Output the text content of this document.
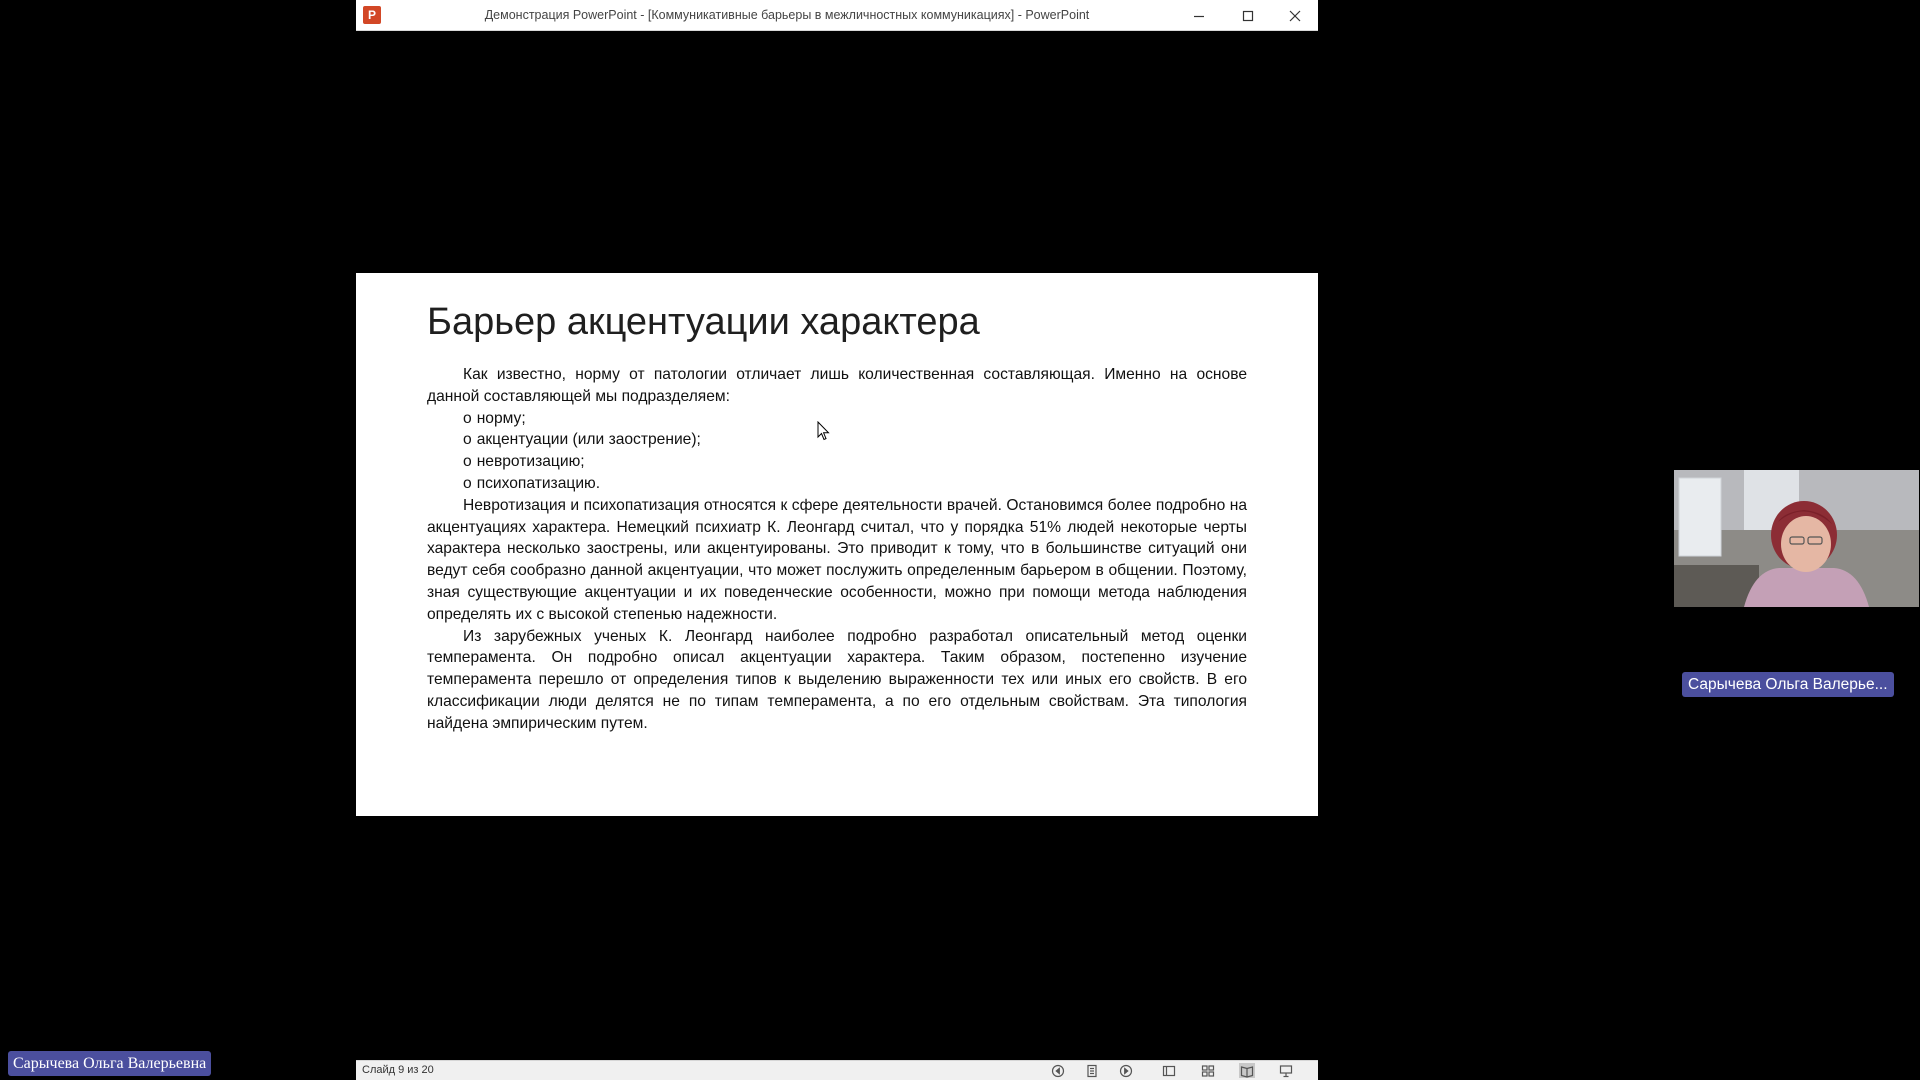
P	Демонстрация PowerPoint - [Коммуникативные барьеры в межличностных коммуникациях] - PowerPoint
Барьер акцентуации характера

Как известно, норму от патологии отличает лишь количественная составляющая. Именно на основе данной составляющей мы подразделяем:

o норму;
o акцентуации (или заострение);
o невротизацию;
o психопатизацию.

Невротизация и психопатизация относятся к сфере деятельности врачей. Остановимся более подробно на акцентуациях характера. Немецкий психиатр К. Леонгард считал, что у порядка 51% людей некоторые черты характера несколько заострены, или акцентуированы. Это приводит к тому, что в большинстве ситуаций они ведут себя сообразно данной акцентуации, что может послужить определенным барьером в общении. Поэтому, зная существующие акцентуации и их поведенческие особенности, можно при помощи метода наблюдения определять их с высокой степенью надежности.

Из зарубежных ученых К. Леонгард наиболее подробно разработал описательный метод оценки темперамента. Он подробно описал акцентуации характера. Таким образом, постепенно изучение темперамента перешло от определения типов к выделению выраженности тех или иных его свойств. В его классификации люди делятся не по типам темперамента, а по его отдельным свойствам. Эта типология найдена эмпирическим путем.

Слайд 9 из 20
Сарычева Ольга Валерье...
Сарычева Ольга Валерьевна
